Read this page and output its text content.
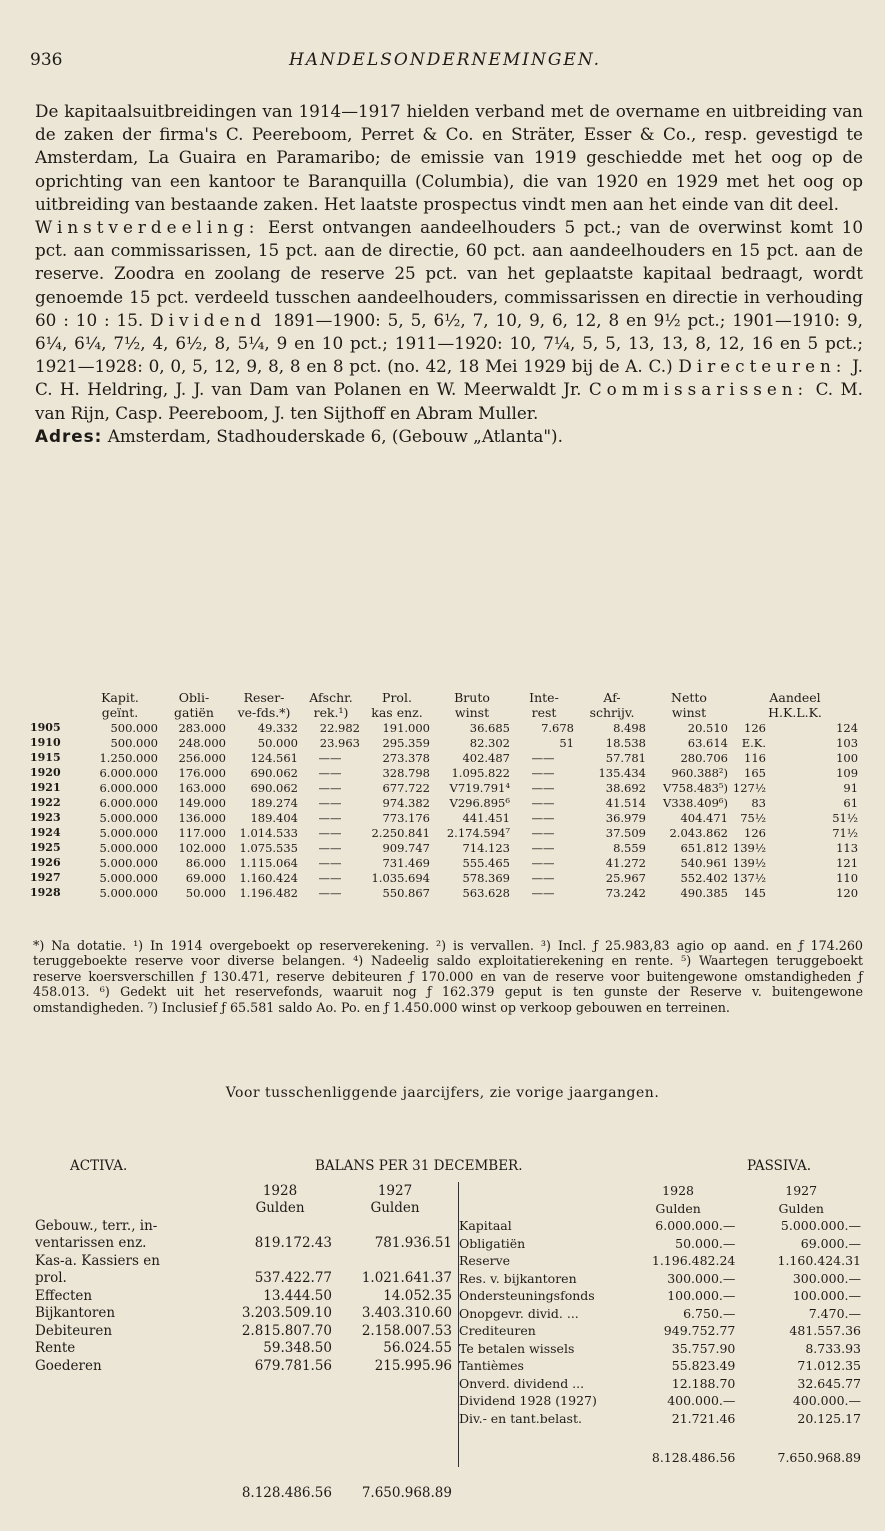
936	HANDELSONDERNEMINGEN.

De kapitaalsuitbreidingen van 1914—1917 hielden verband met de overname en uitbreiding van de zaken der firma's C. Peereboom, Perret & Co. en Sträter, Esser & Co., resp. gevestigd te Amsterdam, La Guaira en Paramaribo; de emissie van 1919 geschiedde met het oog op de oprichting van een kantoor te Baranquilla (Columbia), die van 1920 en 1929 met het oog op uitbreiding van bestaande zaken. Het laatste prospectus vindt men aan het einde van dit deel.

Winstverdeeling: Eerst ontvangen aandeelhouders 5 pct.; van de overwinst komt 10 pct. aan commissarissen, 15 pct. aan de directie, 60 pct. aan aandeelhouders en 15 pct. aan de reserve. Zoodra en zoolang de reserve 25 pct. van het geplaatste kapitaal bedraagt, wordt genoemde 15 pct. verdeeld tusschen aandeelhouders, commissarissen en directie in verhouding 60 : 10 : 15. Dividend 1891—1900: 5, 5, 6½, 7, 10, 9, 6, 12, 8 en 9½ pct.; 1901—1910: 9, 6¼, 6¼, 7½, 4, 6½, 8, 5¼, 9 en 10 pct.; 1911—1920: 10, 7¼, 5, 5, 13, 13, 8, 12, 16 en 5 pct.; 1921—1928: 0, 0, 5, 12, 9, 8, 8 en 8 pct. (no. 42, 18 Mei 1929 bij de A. C.) Directeuren: J. C. H. Heldring, J. J. van Dam van Polanen en W. Meerwaldt Jr. Commissarissen: C. M. van Rijn, Casp. Peereboom, J. ten Sijthoff en Abram Muller.

Adres: Amsterdam, Stadhouderskade 6, (Gebouw „Atlanta").

	Kapit.	Obli-	Reser-	Afschr.	Prol.	Bruto	Inte-	Af-	Netto	Aandeel	
	geïnt.	gatiën	ve-fds.*)	rek.¹)	kas enz.	winst	rest	schrijv.	winst	H.K.L.K.	
1905	500.000	283.000	49.332	22.982	191.000	36.685	7.678	8.498	20.510	126	124
1910	500.000	248.000	50.000	23.963	295.359	82.302	51	18.538	63.614	E.K.	103
1915	1.250.000	256.000	124.561	——	273.378	402.487	——	57.781	280.706	116	100
1920	6.000.000	176.000	690.062	——	328.798	1.095.822	——	135.434	960.388²)	165	109
1921	6.000.000	163.000	690.062	——	677.722	V719.791⁴	——	38.692	V758.483⁵)	127½	91
1922	6.000.000	149.000	189.274	——	974.382	V296.895⁶	——	41.514	V338.409⁶)	83	61
1923	5.000.000	136.000	189.404	——	773.176	441.451	——	36.979	404.471	75½	51½
1924	5.000.000	117.000	1.014.533	——	2.250.841	2.174.594⁷	——	37.509	2.043.862	126	71½
1925	5.000.000	102.000	1.075.535	——	909.747	714.123	——	8.559	651.812	139½	113
1926	5.000.000	86.000	1.115.064	——	731.469	555.465	——	41.272	540.961	139½	121
1927	5.000.000	69.000	1.160.424	——	1.035.694	578.369	——	25.967	552.402	137½	110
1928	5.000.000	50.000	1.196.482	——	550.867	563.628	——	73.242	490.385	145	120

*) Na dotatie. ¹) In 1914 overgeboekt op reserverekening. ²) is vervallen. ³) Incl. ƒ 25.983,83 agio op aand. en ƒ 174.260 teruggeboekte reserve voor diverse belangen. ⁴) Nadeelig saldo exploitatierekening en rente. ⁵) Waartegen teruggeboekt reserve koersverschillen ƒ 130.471, reserve debiteuren ƒ 170.000 en van de reserve voor buitengewone omstandigheden ƒ 458.013. ⁶) Gedekt uit het reservefonds, waaruit nog ƒ 162.379 geput is ten gunste der Reserve v. buitengewone omstandigheden. ⁷) Inclusief ƒ 65.581 saldo Ao. Po. en ƒ 1.450.000 winst op verkoop gebouwen en terreinen.

Voor tusschenliggende jaarcijfers, zie vorige jaargangen.
ACTIVA.	BALANS PER 31 DECEMBER.	PASSIVA.
	1928	1927
	Gulden	Gulden
Gebouw., terr., in-		
ventarissen enz.	819.172.43	781.936.51
Kas-a. Kassiers en		
prol.	537.422.77	1.021.641.37
Effecten	13.444.50	14.052.35
Bijkantoren	3.203.509.10	3.403.310.60
Debiteuren	2.815.807.70	2.158.007.53
Rente	59.348.50	56.024.55
Goederen	679.781.56	215.995.96

	8.128.486.56	7.650.968.89
	1928	1927
	Gulden	Gulden
Kapitaal	6.000.000.—	5.000.000.—
Obligatiën	50.000.—	69.000.—
Reserve	1.196.482.24	1.160.424.31
Res. v. bijkantoren	300.000.—	300.000.—
Ondersteuningsfonds	100.000.—	100.000.—
Onopgevr. divid. ...	6.750.—	7.470.—
Crediteuren	949.752.77	481.557.36
Te betalen wissels	35.757.90	8.733.93
Tantièmes	55.823.49	71.012.35
Onverd. dividend ...	12.188.70	32.645.77
Dividend 1928 (1927)	400.000.—	400.000.—
Div.- en tant.belast.	21.721.46	20.125.17
	8.128.486.56	7.650.968.89
